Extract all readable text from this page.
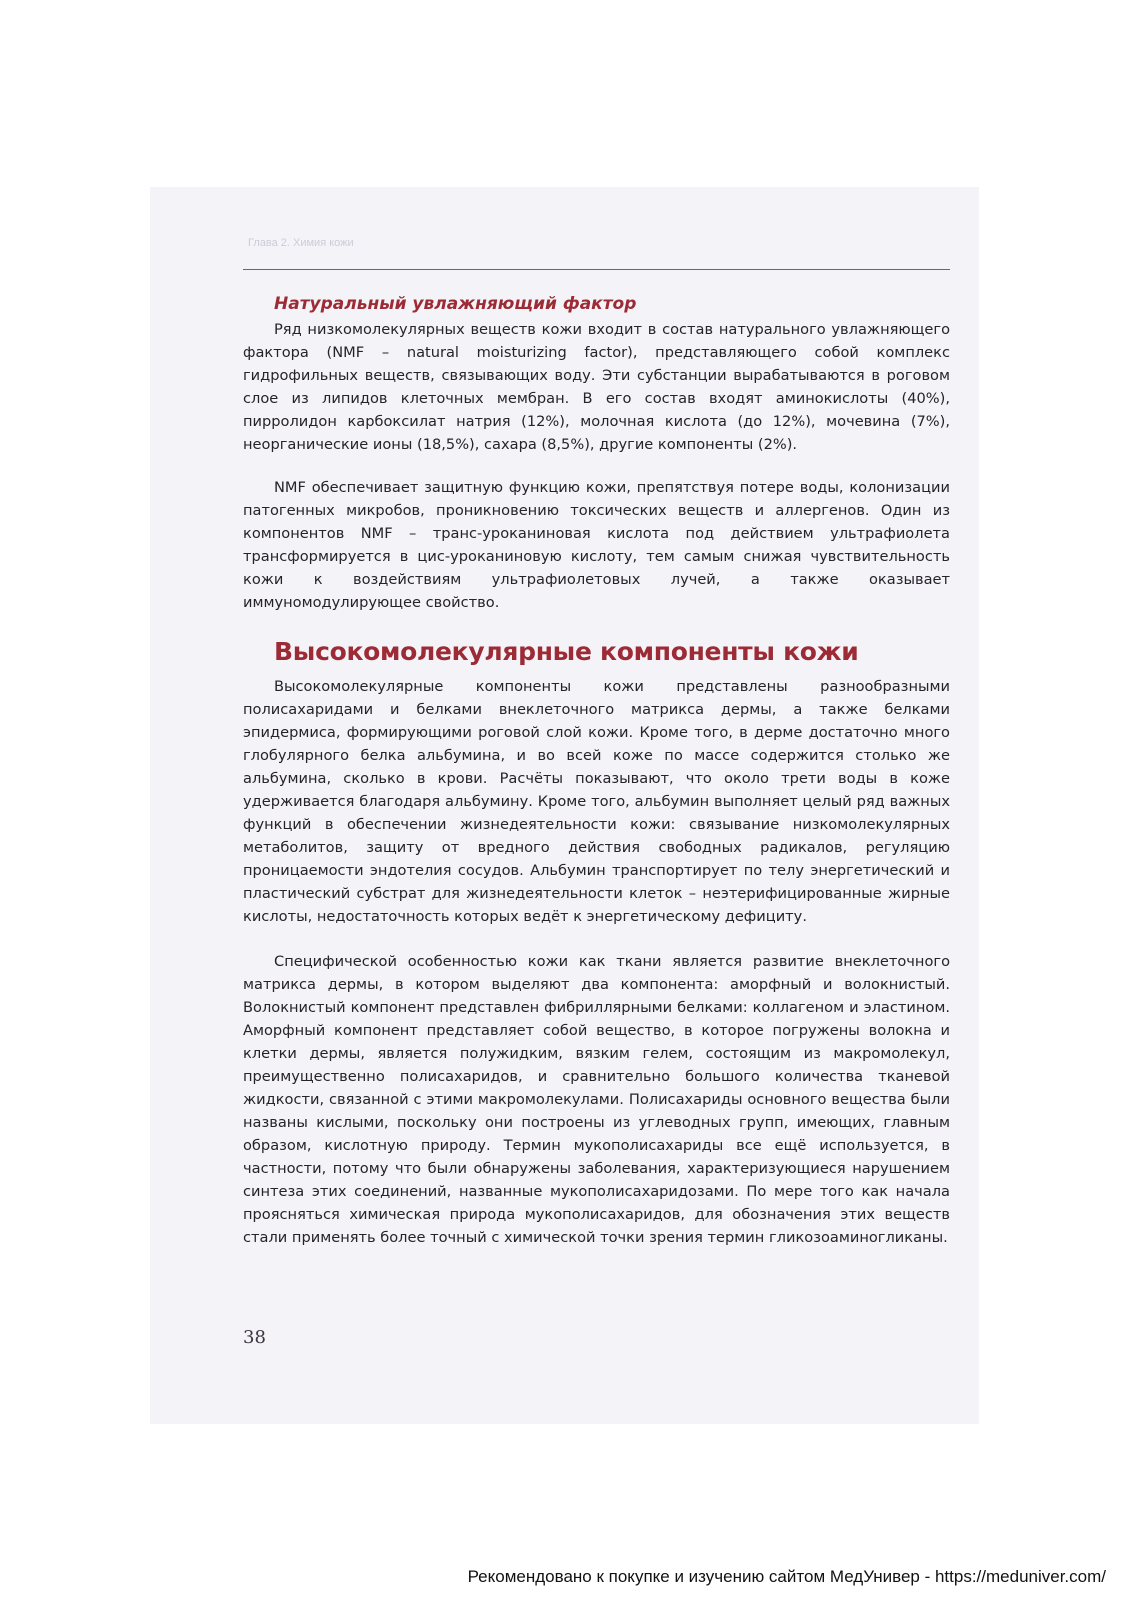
Глава 2. Химия кожи
Натуральный увлажняющий фактор

Ряд низкомолекулярных веществ кожи входит в состав натурального увлажняющего фактора (NMF – natural moisturizing factor), представляющего собой комплекс гидрофильных веществ, связывающих воду. Эти субстанции вырабатываются в роговом слое из липидов клеточных мембран. В его состав входят аминокислоты (40%), пирролидон карбоксилат натрия (12%), молочная кислота (до 12%), мочевина (7%), неорганические ионы (18,5%), сахара (8,5%), другие компоненты (2%).

NMF обеспечивает защитную функцию кожи, препятствуя потере воды, колонизации патогенных микробов, проникновению токсических веществ и аллергенов. Один из компонентов NMF – транс-уроканиновая кислота под действием ультрафиолета трансформируется в цис-уроканиновую кислоту, тем самым снижая чувствительность кожи к воздействиям ультрафиолетовых лучей, а также оказывает иммуномодулирующее свойство.

Высокомолекулярные компоненты кожи

Высокомолекулярные компоненты кожи представлены разнообразными полисахаридами и белками внеклеточного матрикса дермы, а также белками эпидермиса, формирующими роговой слой кожи. Кроме того, в дерме достаточно много глобулярного белка альбумина, и во всей коже по массе содержится столько же альбумина, сколько в крови. Расчёты показывают, что около трети воды в коже удерживается благодаря альбумину. Кроме того, альбумин выполняет целый ряд важных функций в обеспечении жизнедеятельности кожи: связывание низкомолекулярных метаболитов, защиту от вредного действия свободных радикалов, регуляцию проницаемости эндотелия сосудов. Альбумин транспортирует по телу энергетический и пластический субстрат для жизнедеятельности клеток – неэтерифицированные жирные кислоты, недостаточность которых ведёт к энергетическому дефициту.

Специфической особенностью кожи как ткани является развитие внеклеточного матрикса дермы, в котором выделяют два компонента: аморфный и волокнистый. Волокнистый компонент представлен фибриллярными белками: коллагеном и эластином. Аморфный компонент представляет собой вещество, в которое погружены волокна и клетки дермы, является полужидким, вязким гелем, состоящим из макромолекул, преимущественно полисахаридов, и сравнительно большого количества тканевой жидкости, связанной с этими макромолекулами. Полисахариды основного вещества были названы кислыми, поскольку они построены из углеводных групп, имеющих, главным образом, кислотную природу. Термин мукополисахариды все ещё используется, в частности, потому что были обнаружены заболевания, характеризующиеся нарушением синтеза этих соединений, названные мукополисахаридозами. По мере того как начала проясняться химическая природа мукополисахаридов, для обозначения этих веществ стали применять более точный с химической точки зрения термин гликозоаминогликаны.

38
Рекомендовано к покупке и изучению сайтом МедУнивер - https://meduniver.com/
